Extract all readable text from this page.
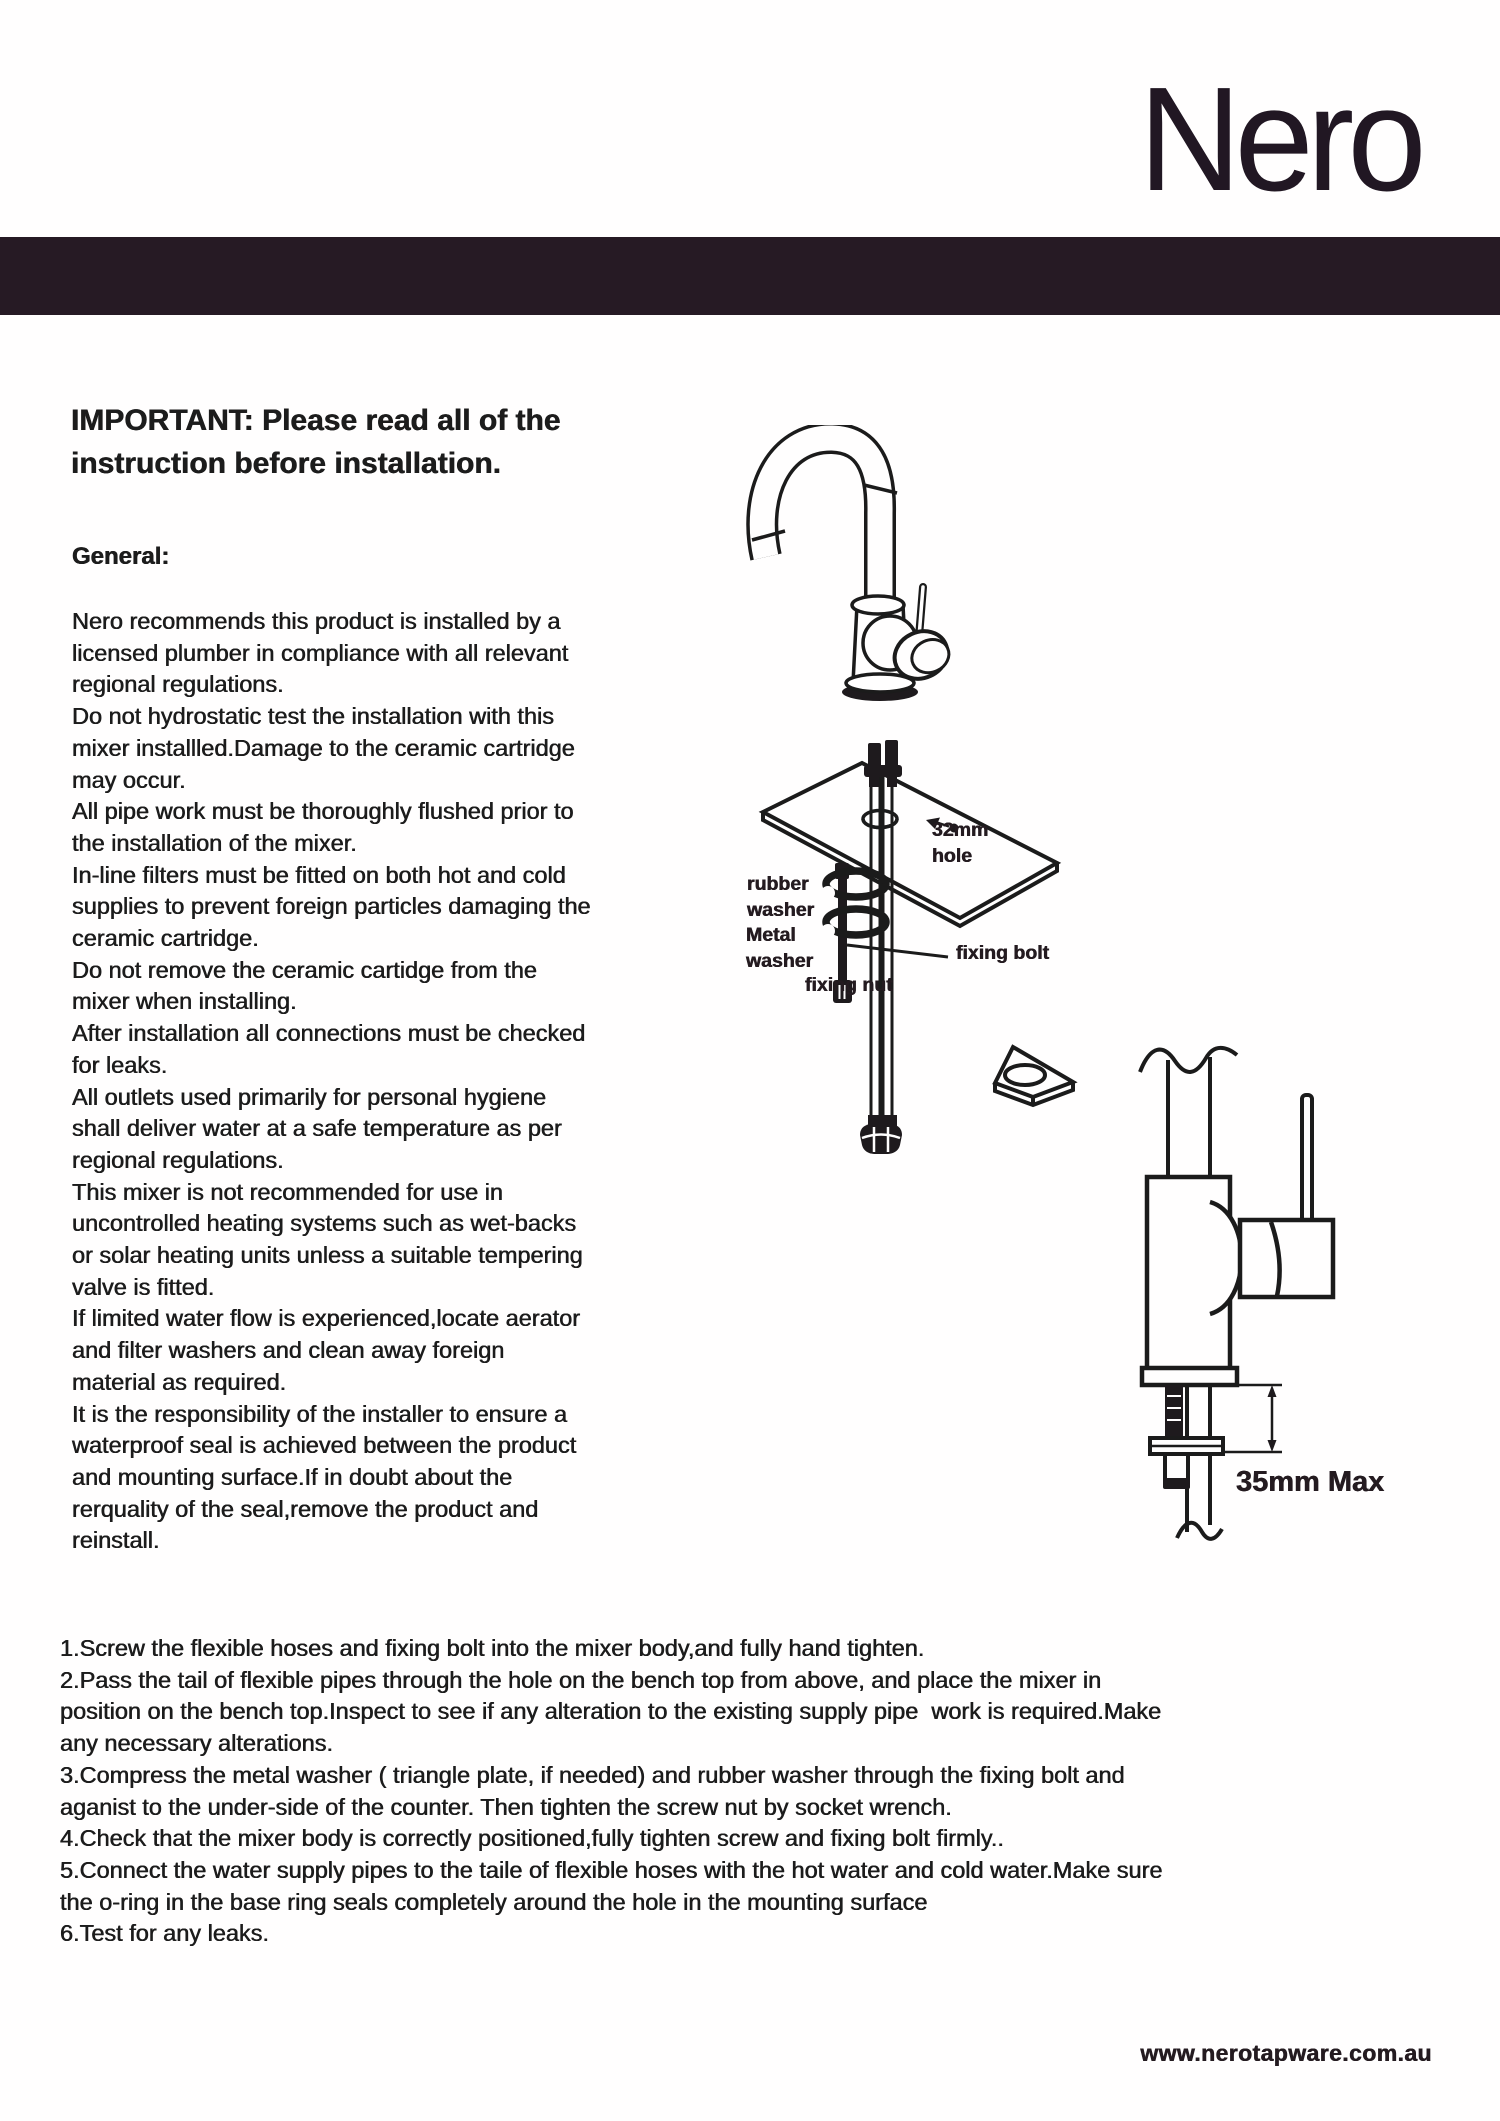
Nero
IMPORTANT: Please read all of the
instruction before installation.
General:
Nero recommends this product is installed by a
licensed plumber in compliance with all relevant
regional regulations.
Do not hydrostatic test the installation with this
mixer installled.Damage to the ceramic cartridge
may occur.
All pipe work must be thoroughly flushed prior to
the installation of the mixer.
In-line filters must be fitted on both hot and cold
supplies to prevent foreign particles damaging the
ceramic cartridge.
Do not remove the ceramic cartidge from the
mixer when installing.
After installation all connections must be checked
for leaks.
All outlets used primarily for personal hygiene
shall deliver water at a safe temperature as per
regional regulations.
This mixer is not recommended for use in
uncontrolled heating systems such as wet-backs
or solar heating units unless a suitable tempering
valve is fitted.
If limited water flow is experienced,locate aerator
and filter washers and clean away foreign
material as required.
It is the responsibility of the installer to ensure a
waterproof seal is achieved between the product
and mounting surface.If in doubt about the
rerquality of the seal,remove the product and
reinstall.
32mm
hole
rubber
washer
Metal
washer	fixing bolt
fixing nut
35mm Max
1.Screw the flexible hoses and fixing bolt into the mixer body,and fully hand tighten.
2.Pass the tail of flexible pipes through the hole on the bench top from above, and place the mixer in
position on the bench top.Inspect to see if any alteration to the existing supply pipe  work is required.Make
any necessary alterations.
3.Compress the metal washer ( triangle plate, if needed) and rubber washer through the fixing bolt and
aganist to the under-side of the counter. Then tighten the screw nut by socket wrench.
4.Check that the mixer body is correctly positioned,fully tighten screw and fixing bolt firmly..
5.Connect the water supply pipes to the taile of flexible hoses with the hot water and cold water.Make sure
the o-ring in the base ring seals completely around the hole in the mounting surface
6.Test for any leaks.
www.nerotapware.com.au
